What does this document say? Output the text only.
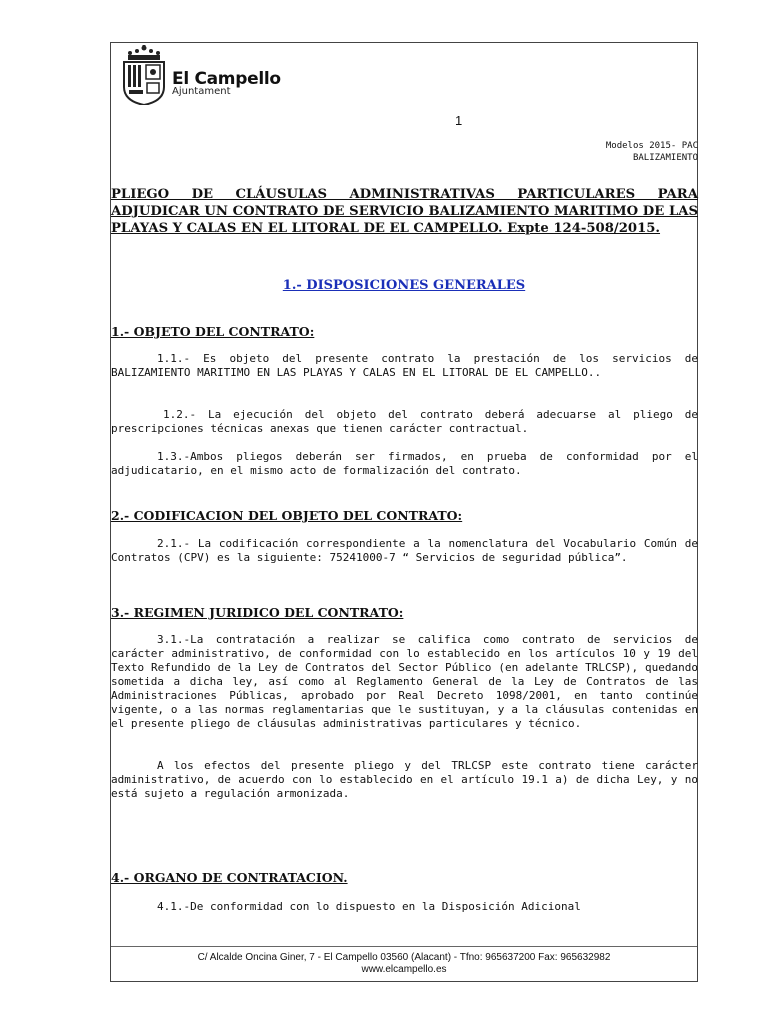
El Campello
Ajuntament
1
Modelos 2015- PAC
BALIZAMIENTO
PLIEGO DE CLÁUSULAS ADMINISTRATIVAS PARTICULARES PARA ADJUDICAR UN CONTRATO DE SERVICIO BALIZAMIENTO MARITIMO DE LAS PLAYAS Y CALAS EN EL LITORAL DE EL CAMPELLO. Expte 124-508/2015.
1.- DISPOSICIONES GENERALES
1.- OBJETO DEL CONTRATO:
1.1.- Es objeto del presente contrato la prestación de los servicios de BALIZAMIENTO MARITIMO EN LAS PLAYAS Y CALAS EN EL LITORAL DE EL CAMPELLO..
1.2.- La ejecución del objeto del contrato deberá adecuarse al pliego de prescripciones técnicas anexas que tienen carácter contractual.
1.3.-Ambos pliegos deberán ser firmados, en prueba de conformidad por el adjudicatario, en el mismo acto de formalización del contrato.
2.- CODIFICACION DEL OBJETO DEL CONTRATO:
2.1.- La codificación correspondiente a la nomenclatura del Vocabulario Común de Contratos (CPV) es la siguiente: 75241000-7 “ Servicios de seguridad pública”.
3.- REGIMEN JURIDICO DEL CONTRATO:
3.1.-La contratación a realizar se califica como contrato de servicios de carácter administrativo, de conformidad con lo establecido en los artículos 10 y 19 del Texto Refundido de la Ley de Contratos del Sector Público (en adelante TRLCSP), quedando sometida a dicha ley, así como al Reglamento General de la Ley de Contratos de las Administraciones Públicas, aprobado por Real Decreto 1098/2001, en tanto continúe vigente, o a las normas reglamentarias que le sustituyan, y a la cláusulas contenidas en el presente pliego de cláusulas administrativas particulares y técnico.
A los efectos del presente pliego y del TRLCSP este contrato tiene carácter administrativo, de acuerdo con lo establecido en el artículo 19.1 a) de dicha Ley, y no está sujeto a regulación armonizada.
4.- ORGANO DE CONTRATACION.
4.1.-De conformidad con lo dispuesto en la Disposición Adicional
C/ Alcalde Oncina Giner, 7 - El Campello 03560 (Alacant) - Tfno: 965637200 Fax: 965632982
www.elcampello.es
